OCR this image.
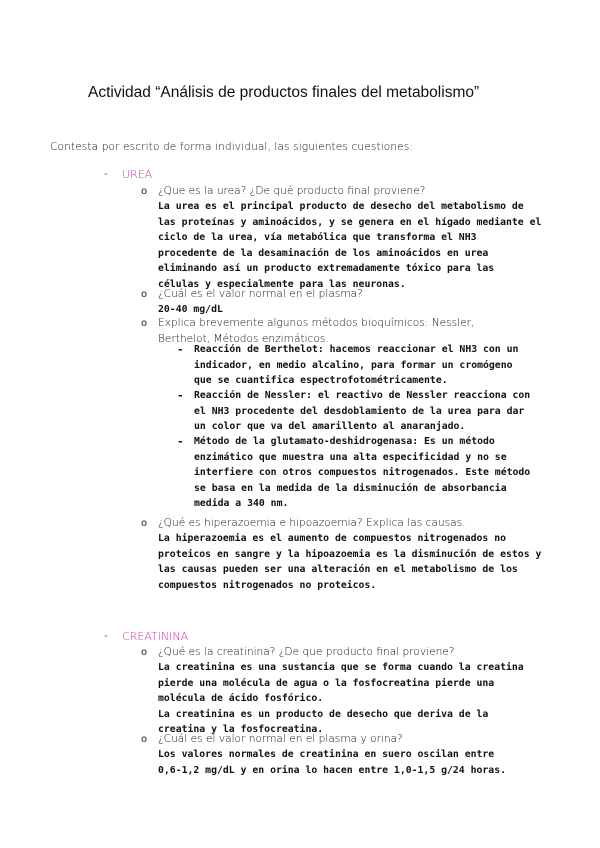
Actividad “Análisis de productos finales del metabolismo”
Contesta por escrito de forma individual, las siguientes cuestiones:
- UREA
o ¿Que es la urea? ¿De qué producto final proviene?
La urea es el principal producto de desecho del metabolismo de
las proteínas y aminoácidos, y se genera en el hígado mediante el
ciclo de la urea, vía metabólica que transforma el NH3
procedente de la desaminación de los aminoácidos en urea
eliminando así un producto extremadamente tóxico para las
células y especialmente para las neuronas.
o ¿Cuál es el valor normal en el plasma?
20-40 mg/dL
o Explica brevemente algunos métodos bioquímicos: Nessler,
Berthelot, Métodos enzimáticos.
- Reacción de Berthelot: hacemos reaccionar el NH3 con un
indicador, en medio alcalino, para formar un cromógeno
que se cuantifica espectrofotométricamente.
- Reacción de Nessler: el reactivo de Nessler reacciona con
el NH3 procedente del desdoblamiento de la urea para dar
un color que va del amarillento al anaranjado.
- Método de la glutamato-deshidrogenasa: Es un método
enzimático que muestra una alta especificidad y no se
interfiere con otros compuestos nitrogenados. Este método
se basa en la medida de la disminución de absorbancia
medida a 340 nm.
o ¿Qué es hiperazoemia e hipoazoemia? Explica las causas.
La hiperazoemia es el aumento de compuestos nitrogenados no
proteicos en sangre y la hipoazoemia es la disminución de estos y
las causas pueden ser una alteración en el metabolismo de los
compuestos nitrogenados no proteicos.
- CREATININA
o ¿Qué es la creatinina? ¿De que producto final proviene?
La creatinina es una sustancia que se forma cuando la creatina
pierde una molécula de agua o la fosfocreatina pierde una
molécula de ácido fosfórico.
La creatinina es un producto de desecho que deriva de la
creatina y la fosfocreatina.
o ¿Cuál es el valor normal en el plasma y orina?
Los valores normales de creatinina en suero oscilan entre
0,6-1,2 mg/dL y en orina lo hacen entre 1,0-1,5 g/24 horas.
